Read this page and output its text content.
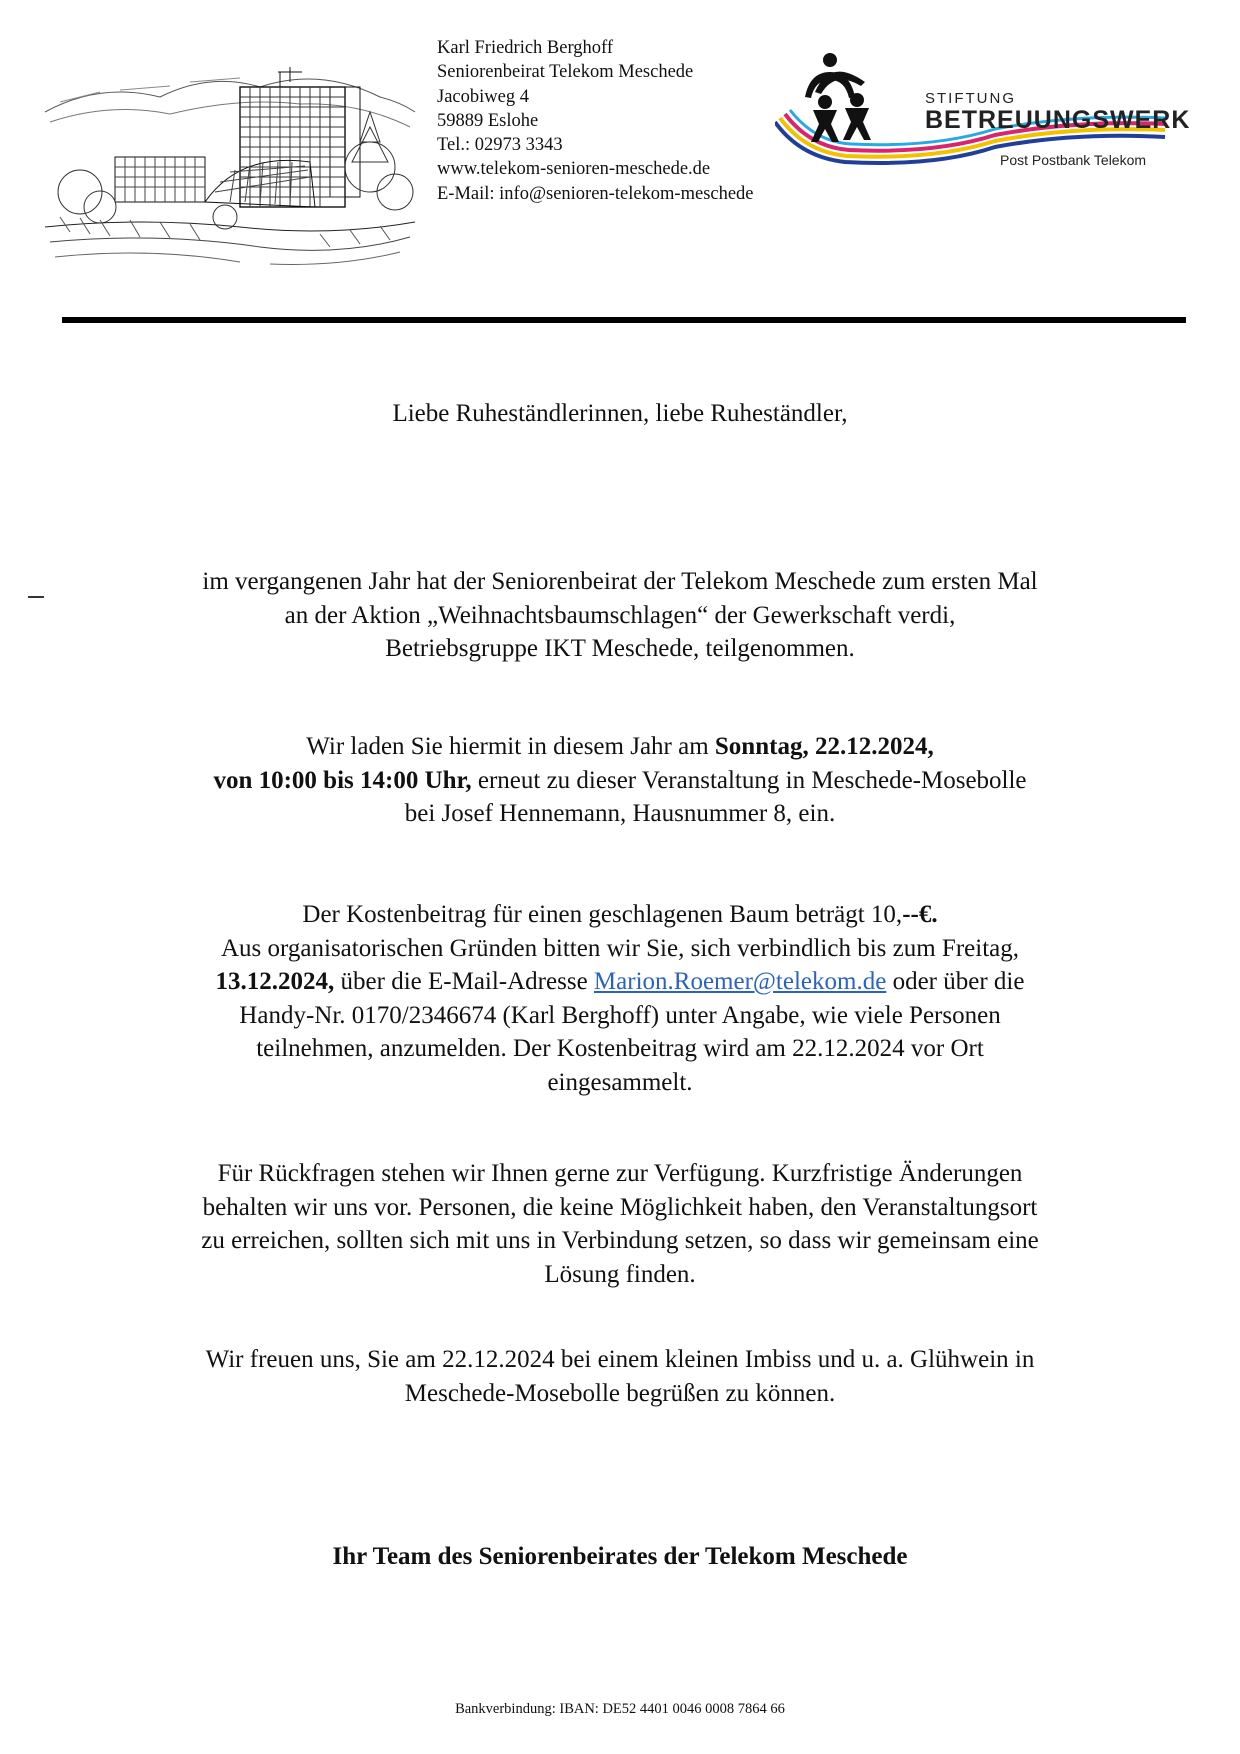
Karl Friedrich Berghoff
Seniorenbeirat Telekom Meschede
Jacobiweg 4
59889 Eslohe
Tel.: 02973 3343
www.telekom-senioren-meschede.de
E-Mail: info@senioren-telekom-meschede
STIFTUNG
BETREUUNGSWERK
Post Postbank Telekom

Liebe Ruheständlerinnen, liebe Ruheständler,

im vergangenen Jahr hat der Seniorenbeirat der Telekom Meschede zum ersten Mal

an der Aktion „Weihnachtsbaumschlagen“ der Gewerkschaft verdi,

Betriebsgruppe IKT Meschede, teilgenommen.

Wir laden Sie hiermit in diesem Jahr am Sonntag, 22.12.2024,

von 10:00 bis 14:00 Uhr, erneut zu dieser Veranstaltung in Meschede-Mosebolle

bei Josef Hennemann, Hausnummer 8, ein.

Der Kostenbeitrag für einen geschlagenen Baum beträgt 10,--€.

Aus organisatorischen Gründen bitten wir Sie, sich verbindlich bis zum Freitag,

13.12.2024, über die E-Mail-Adresse Marion.Roemer@telekom.de oder über die

Handy-Nr. 0170/2346674 (Karl Berghoff) unter Angabe, wie viele Personen

teilnehmen, anzumelden. Der Kostenbeitrag wird am 22.12.2024 vor Ort

eingesammelt.

Für Rückfragen stehen wir Ihnen gerne zur Verfügung. Kurzfristige Änderungen

behalten wir uns vor. Personen, die keine Möglichkeit haben, den Veranstaltungsort

zu erreichen, sollten sich mit uns in Verbindung setzen, so dass wir gemeinsam eine

Lösung finden.

Wir freuen uns, Sie am 22.12.2024 bei einem kleinen Imbiss und u. a. Glühwein in

Meschede-Mosebolle begrüßen zu können.

Ihr Team des Seniorenbeirates der Telekom Meschede

Bankverbindung: IBAN: DE52 4401 0046 0008 7864 66
